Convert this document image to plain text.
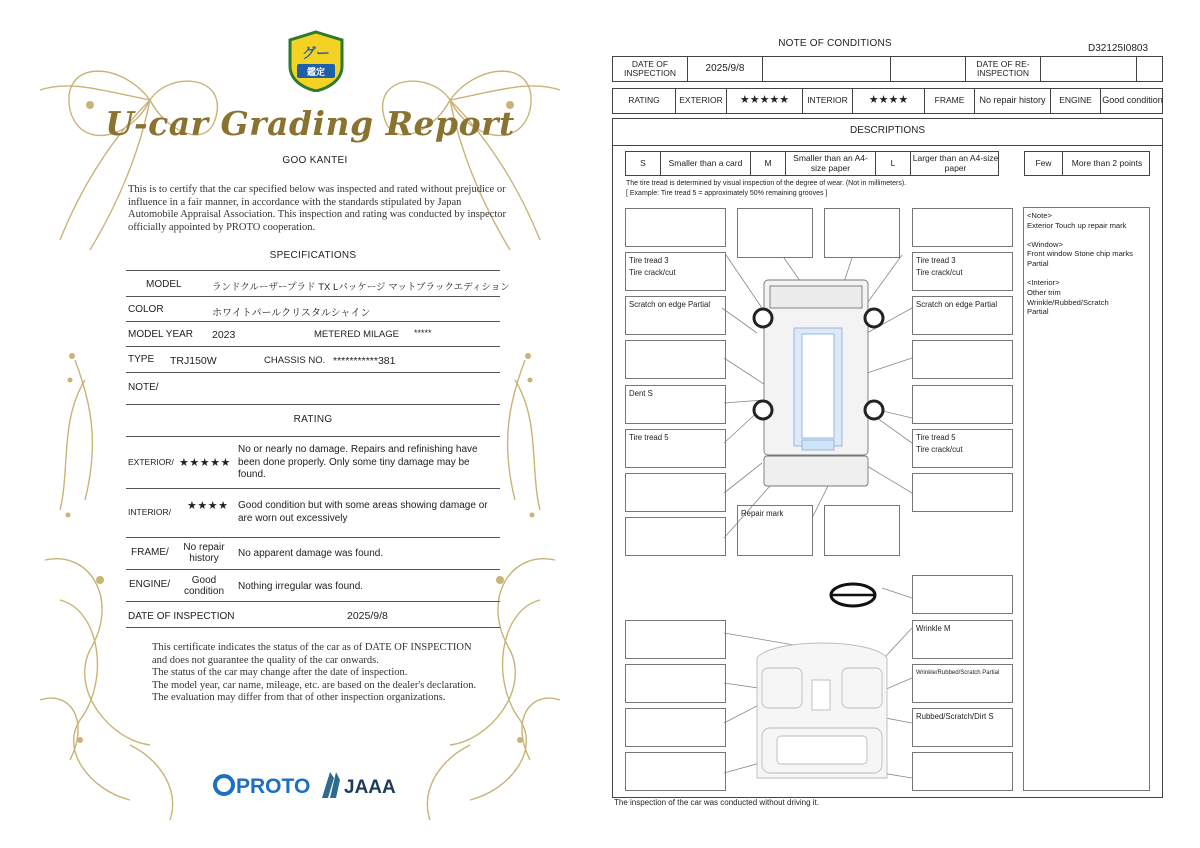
グー
鑑定
U-car Grading Report
GOO KANTEI
This is to certify that the car specified below was inspected and rated without prejudice or influence in a fair manner, in accordance with the standards stipulated by Japan Automobile Appraisal Association. This inspection and rating was conducted by inspector officially appointed by PROTO cooperation.
SPECIFICATIONS
MODEL	ランドクルーザープラド TX Lパッケージ マットブラックエディション
COLOR	ホワイトパールクリスタルシャイン
MODEL YEAR 2023	METERED MILAGE *****
TYPE TRJ150W	CHASSIS NO. ***********381
NOTE/
RATING
EXTERIOR/ ★★★★★
No or nearly no damage. Repairs and refinishing have been done properly. Only some tiny damage may be found.
INTERIOR/ ★★★★ Good condition but with some areas showing damage or are worn out excessively
FRAME/	No repair history	No apparent damage was found.
ENGINE/	Good condition	Nothing irregular was found.
DATE OF INSPECTION	2025/9/8
This certificate indicates the status of the car as of DATE OF INSPECTION and does not guarantee the quality of the car onwards.
The status of the car may change after the date of inspection.
The model year, car name, mileage, etc. are based on the dealer's declaration.
The evaluation may differ from that of other inspection organizations.
PROTO JAAA
NOTE OF CONDITIONS	D32125I0803
DATE OF INSPECTION	2025/9/8	DATE OF RE-INSPECTION
RATING	EXTERIOR	★★★★★	INTERIOR	★★★★	FRAME	No repair history	ENGINE	Good condition
DESCRIPTIONS
S	Smaller than a card	M	Smaller than an A4-size paper	L	Larger than an A4-size paper	Few	More than 2 points
The tire tread is determined by visual inspection of the degree of wear. (Not in millimeters).
[ Example: Tire tread 5 = approximately 50% remaining grooves ]
Tire tread 3
Tire crack/cut
Scratch on edge Partial
Dent S
Tire tread 5
Repair mark
Tire tread 3
Tire crack/cut
Scratch on edge Partial
Tire tread 5
Tire crack/cut
Wrinkle M
Wrinkle/Rubbed/Scratch Partial
Rubbed/Scratch/Dirt S
<Note>
Exterior Touch up repair mark
<Window>
Front window Stone chip marks Partial
<Interior>
Other trim
Wrinkle/Rubbed/Scratch
Partial
The inspection of the car was conducted without driving it.
